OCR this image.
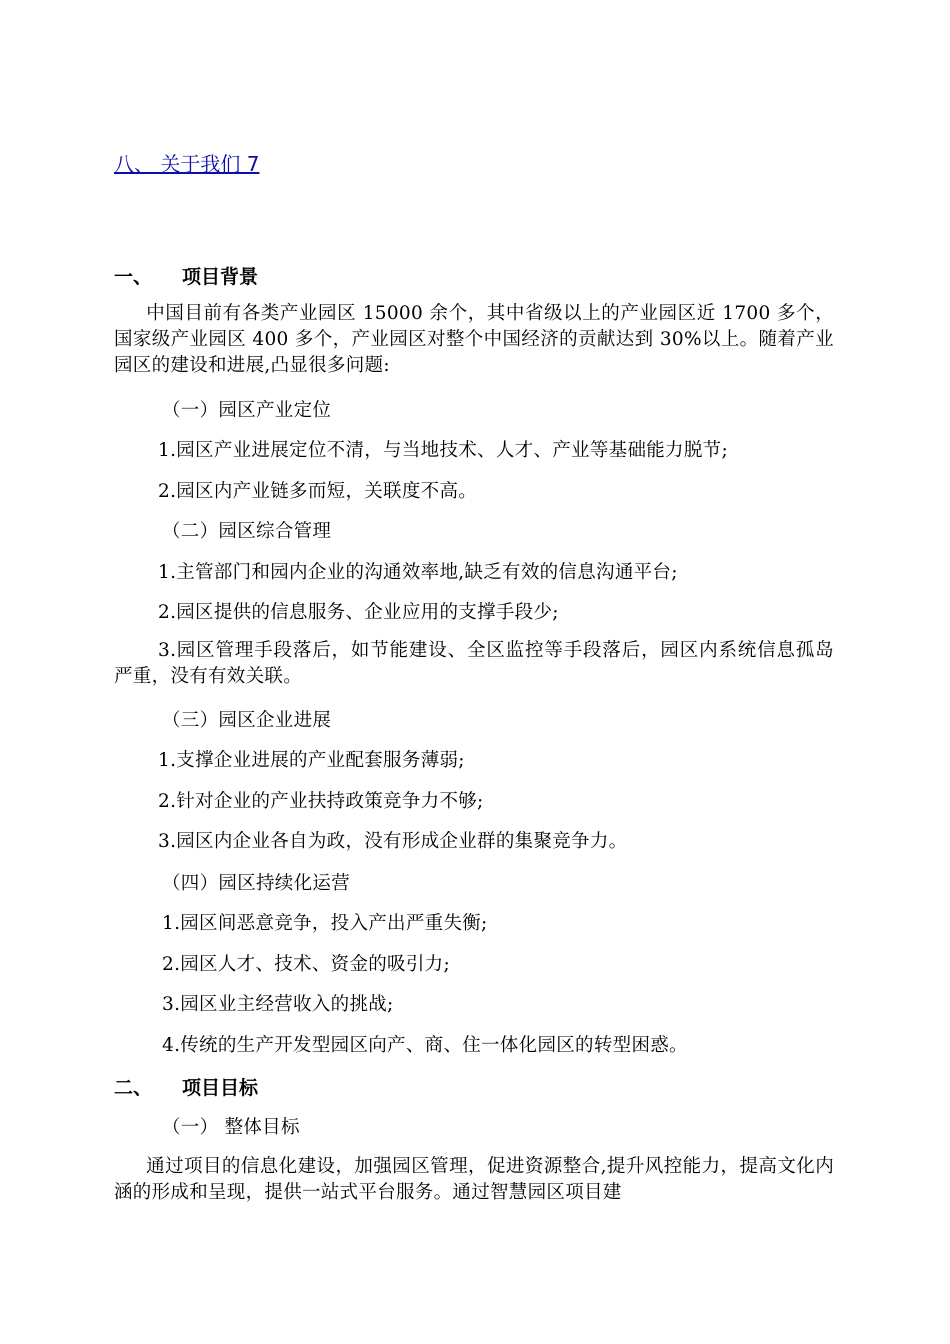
八、 关于我们 7
一、 项目背景
中国目前有各类产业园区 15000 余个，其中省级以上的产业园区近 1700 多个，国家级产业园区 400 多个，产业园区对整个中国经济的贡献达到 30%以上。随着产业园区的建设和进展,凸显很多问题:
（一）园区产业定位
1.园区产业进展定位不清，与当地技术、人才、产业等基础能力脱节;
2.园区内产业链多而短，关联度不高。
（二）园区综合管理
1.主管部门和园内企业的沟通效率地,缺乏有效的信息沟通平台;
2.园区提供的信息服务、企业应用的支撑手段少;
3.园区管理手段落后，如节能建设、全区监控等手段落后，园区内系统信息孤岛严重，没有有效关联。
（三）园区企业进展
1.支撑企业进展的产业配套服务薄弱;
2.针对企业的产业扶持政策竞争力不够;
3.园区内企业各自为政，没有形成企业群的集聚竞争力。
（四）园区持续化运营
1.园区间恶意竞争，投入产出严重失衡;
2.园区人才、技术、资金的吸引力;
3.园区业主经营收入的挑战;
4.传统的生产开发型园区向产、商、住一体化园区的转型困惑。
二、 项目目标
（一） 整体目标
通过项目的信息化建设，加强园区管理，促进资源整合,提升风控能力，提高文化内涵的形成和呈现，提供一站式平台服务。通过智慧园区项目建
